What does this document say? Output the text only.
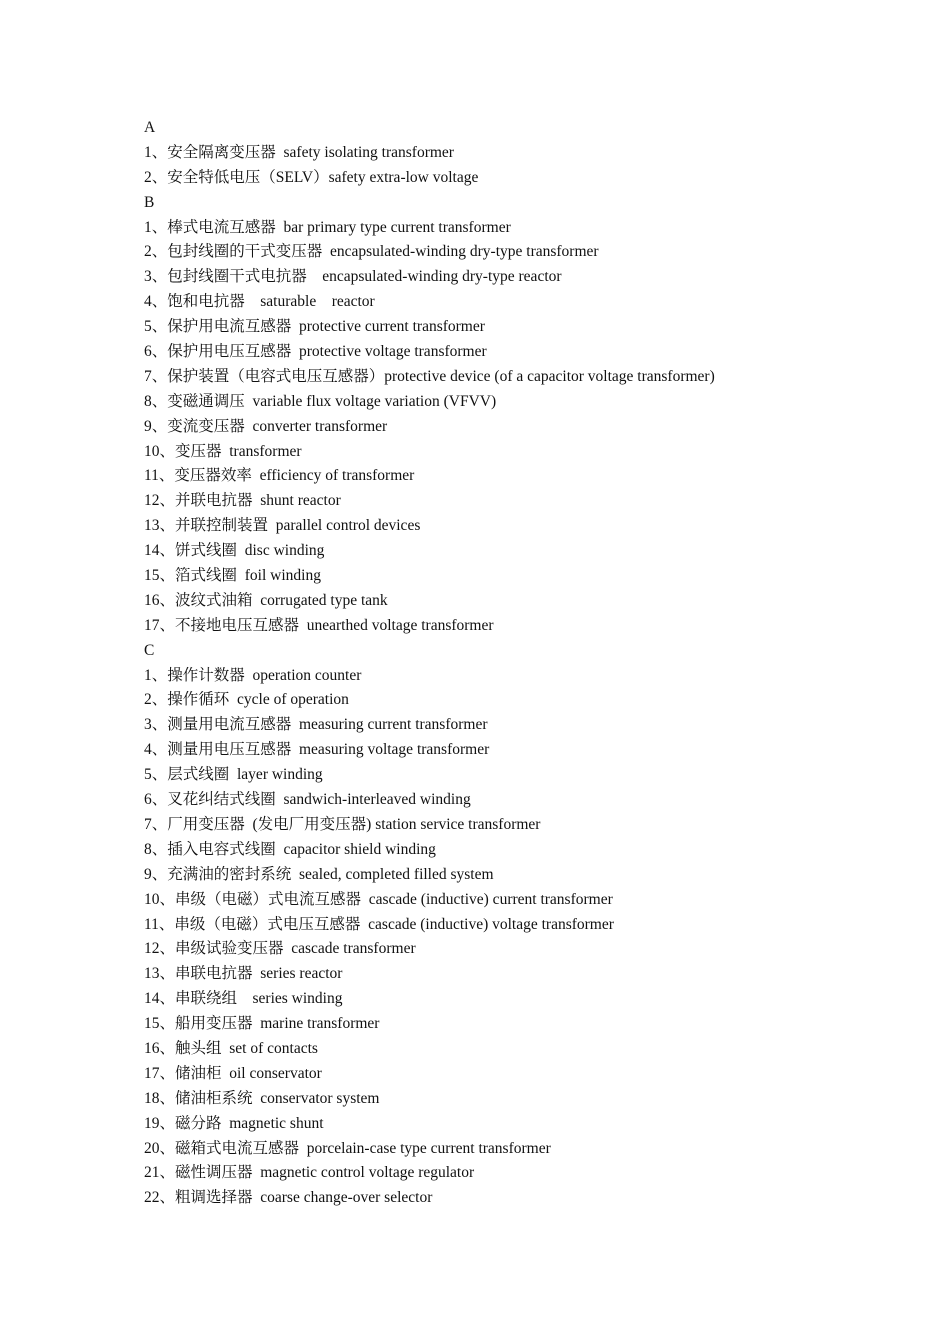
A
1、安全隔离变压器  safety isolating transformer
2、安全特低电压（SELV）safety extra-low voltage
B
1、棒式电流互感器  bar primary type current transformer
2、包封线圈的干式变压器  encapsulated-winding dry-type transformer
3、包封线圈干式电抗器    encapsulated-winding dry-type reactor
4、饱和电抗器    saturable    reactor
5、保护用电流互感器  protective current transformer
6、保护用电压互感器  protective voltage transformer
7、保护装置（电容式电压互感器）protective device (of a capacitor voltage transformer)
8、变磁通调压  variable flux voltage variation (VFVV)
9、变流变压器  converter transformer
10、变压器  transformer
11、变压器效率  efficiency of transformer
12、并联电抗器  shunt reactor
13、并联控制装置  parallel control devices
14、饼式线圈  disc winding
15、箔式线圈  foil winding
16、波纹式油箱  corrugated type tank
17、不接地电压互感器  unearthed voltage transformer
C
1、操作计数器  operation counter
2、操作循环  cycle of operation
3、测量用电流互感器  measuring current transformer
4、测量用电压互感器  measuring voltage transformer
5、层式线圈  layer winding
6、叉花纠结式线圈  sandwich-interleaved winding
7、厂用变压器  (发电厂用变压器) station service transformer
8、插入电容式线圈  capacitor shield winding
9、充满油的密封系统  sealed, completed filled system
10、串级（电磁）式电流互感器  cascade (inductive) current transformer
11、串级（电磁）式电压互感器  cascade (inductive) voltage transformer
12、串级试验变压器  cascade transformer
13、串联电抗器  series reactor
14、串联绕组    series winding
15、船用变压器  marine transformer
16、触头组  set of contacts
17、储油柜  oil conservator
18、储油柜系统  conservator system
19、磁分路  magnetic shunt
20、磁箱式电流互感器  porcelain-case type current transformer
21、磁性调压器  magnetic control voltage regulator
22、粗调选择器  coarse change-over selector
